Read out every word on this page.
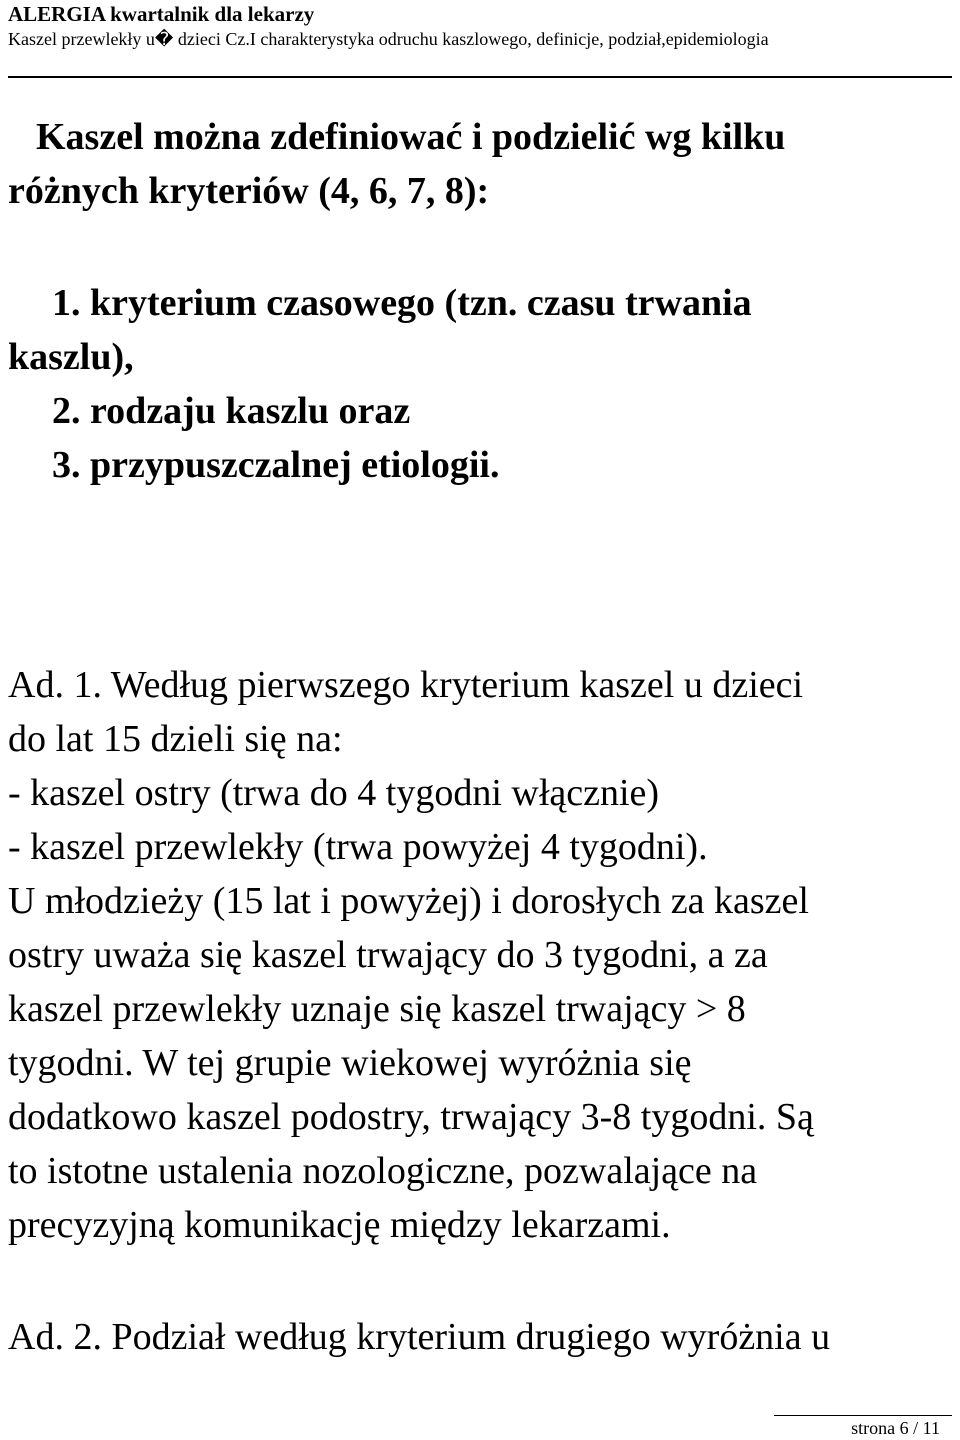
ALERGIA kwartalnik dla lekarzy
Kaszel przewlekły u� dzieci Cz.I charakterystyka odruchu kaszlowego, definicje, podział,epidemiologia
Kaszel można zdefiniować i podzielić wg kilku
różnych kryteriów (4, 6, 7, 8):
1. kryterium czasowego (tzn. czasu trwania
kaszlu),
2. rodzaju kaszlu oraz
3. przypuszczalnej etiologii.
Ad. 1. Według pierwszego kryterium kaszel u dzieci
do lat 15 dzieli się na:
- kaszel ostry (trwa do 4 tygodni włącznie)
- kaszel przewlekły (trwa powyżej 4 tygodni).
U młodzieży (15 lat i powyżej) i dorosłych za kaszel
ostry uważa się kaszel trwający do 3 tygodni, a za
kaszel przewlekły uznaje się kaszel trwający > 8
tygodni. W tej grupie wiekowej wyróżnia się
dodatkowo kaszel podostry, trwający 3-8 tygodni. Są
to istotne ustalenia nozologiczne, pozwalające na
precyzyjną komunikację między lekarzami.
Ad. 2. Podział według kryterium drugiego wyróżnia u
strona 6 / 11
